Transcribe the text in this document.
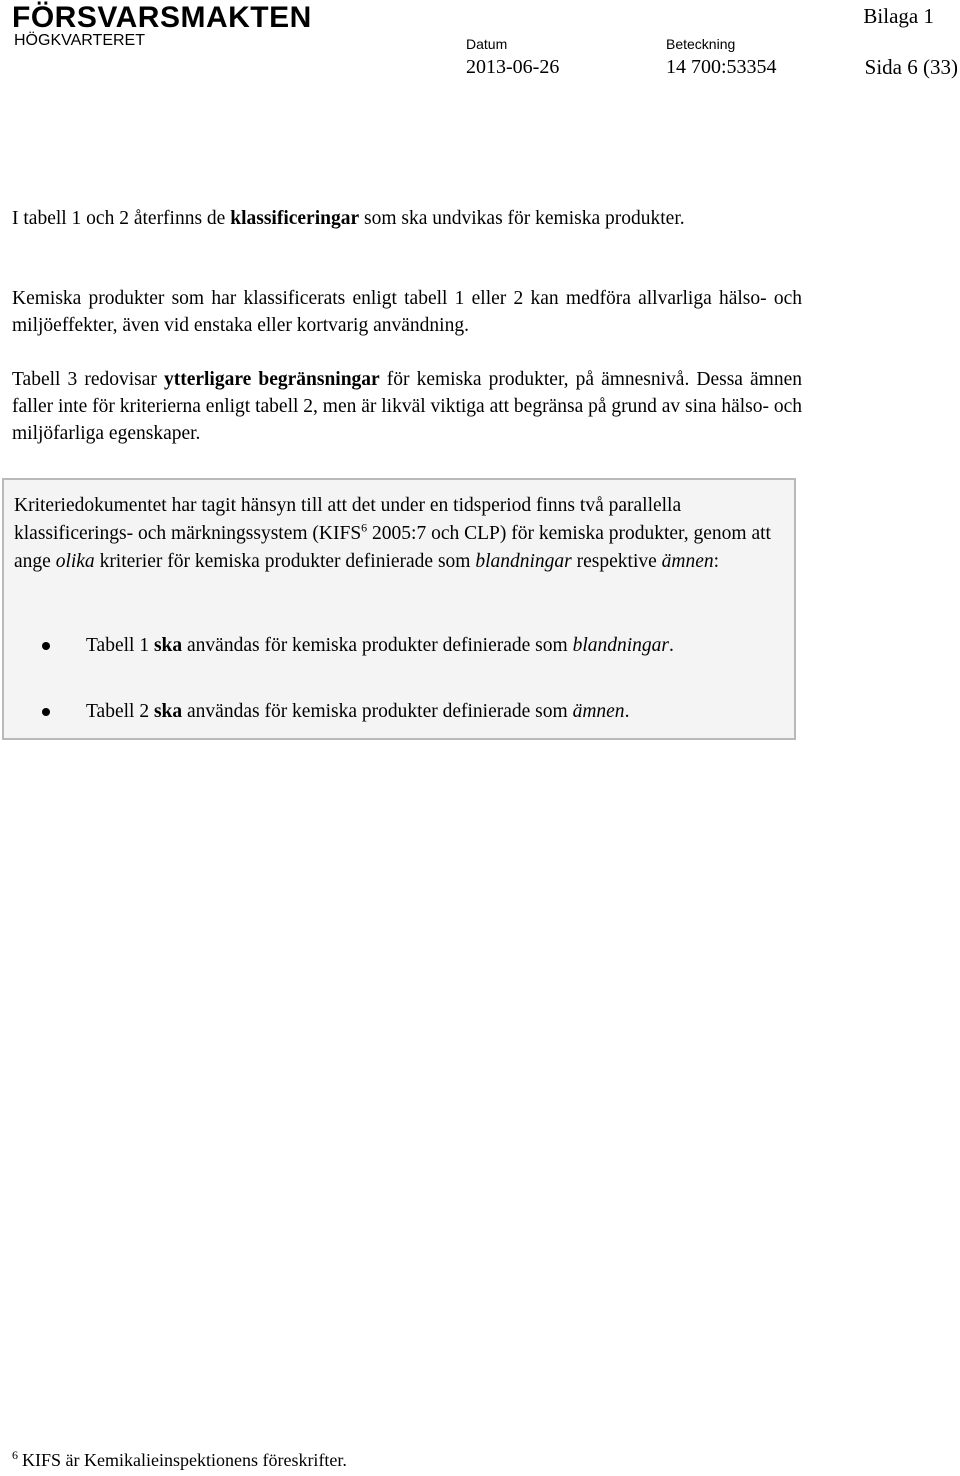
FÖRSVARSMAKTEN
HÖGKVARTERET	Datum
2013-06-26
Beteckning
14 700:53354
Bilaga 1
Sida 6 (33)
I tabell 1 och 2 återfinns de klassificeringar som ska undvikas för kemiska produkter.
Kemiska produkter som har klassificerats enligt tabell 1 eller 2 kan medföra allvarliga hälso- och miljöeffekter, även vid enstaka eller kortvarig användning.
Tabell 3 redovisar ytterligare begränsningar för kemiska produkter, på ämnesnivå. Dessa ämnen faller inte för kriterierna enligt tabell 2, men är likväl viktiga att begränsa på grund av sina hälso- och miljöfarliga egenskaper.
Kriteriedokumentet har tagit hänsyn till att det under en tidsperiod finns två parallella klassificerings- och märkningssystem (KIFS$^6$ 2005:7 och CLP) för kemiska produkter, genom att ange olika kriterier för kemiska produkter definierade som blandningar respektive ämnen:
Tabell 1 ska användas för kemiska produkter definierade som blandningar.
Tabell 2 ska användas för kemiska produkter definierade som ämnen.
$^6$ KIFS är Kemikalieinspektionens föreskrifter.
